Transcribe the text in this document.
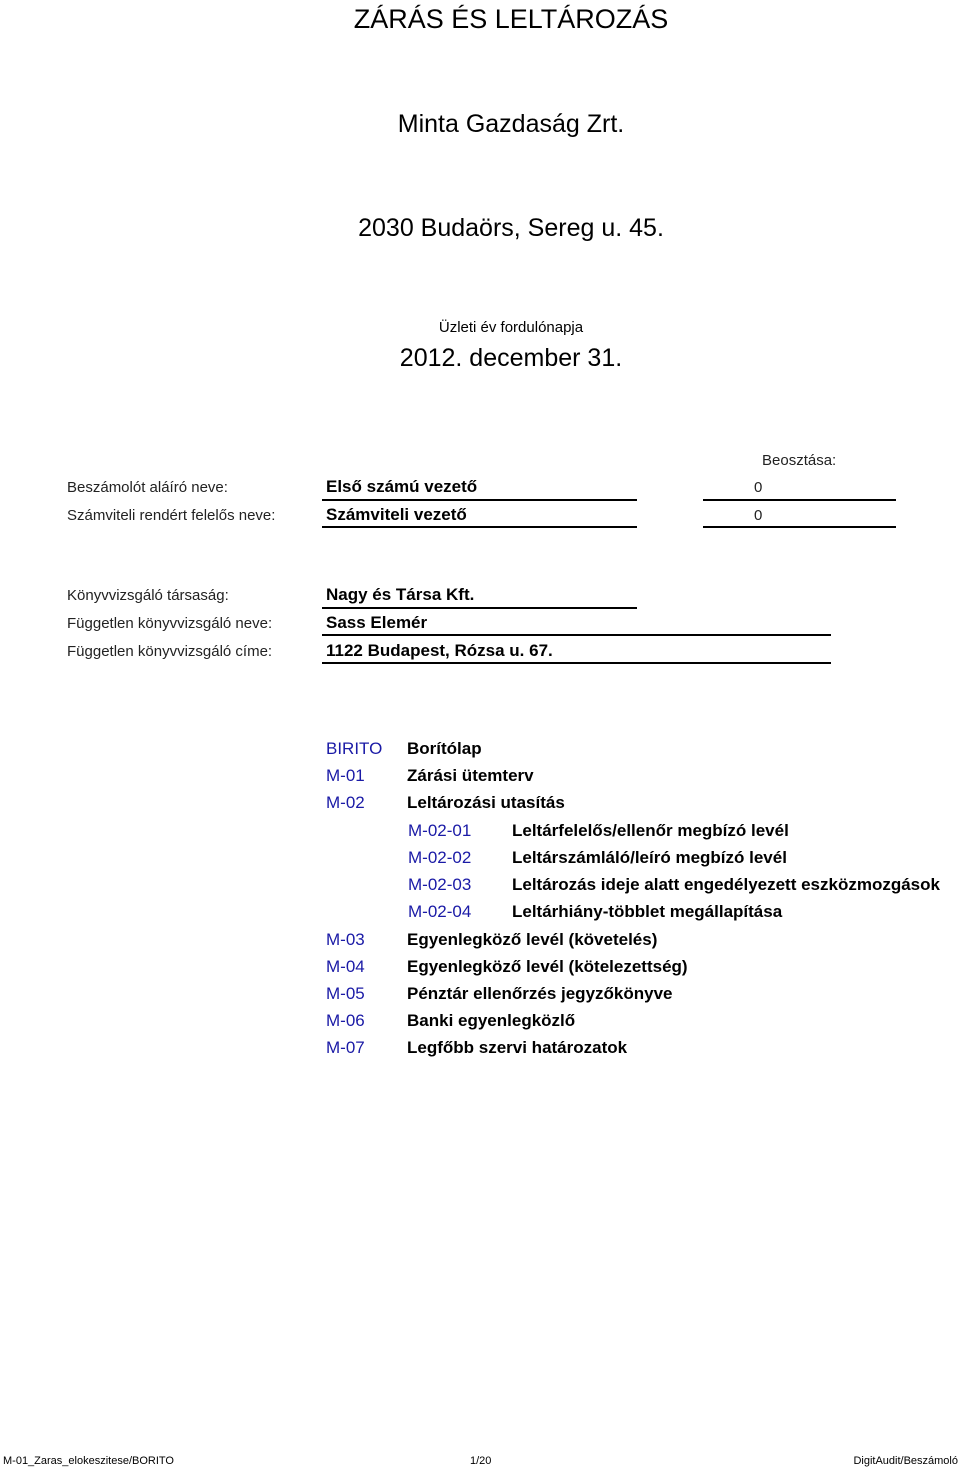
ZÁRÁS ÉS LELTÁROZÁS
Minta Gazdaság Zrt.
2030 Budaörs, Sereg u. 45.
Üzleti év fordulónapja
2012. december 31.
Beosztása:
Beszámolót aláíró neve:	Első számú vezető	0
Számviteli rendért felelős neve:	Számviteli vezető	0
Könyvvizsgáló társaság:	Nagy és Társa Kft.
Független könyvvizsgáló neve:	Sass Elemér
Független könyvvizsgáló címe:	1122 Budapest, Rózsa u. 67.
BIRITO Borítólap
M-01 Zárási ütemterv
M-02 Leltározási utasítás
M-02-01 Leltárfelelős/ellenőr megbízó levél
M-02-02 Leltárszámláló/leíró megbízó levél
M-02-03 Leltározás ideje alatt engedélyezett eszközmozgások
M-02-04 Leltárhiány-többlet megállapítása
M-03 Egyenlegköző levél (követelés)
M-04 Egyenlegköző levél (kötelezettség)
M-05 Pénztár ellenőrzés jegyzőkönyve
M-06 Banki egyenlegközlő
M-07 Legfőbb szervi határozatok
M-01_Zaras_elokeszitese/BORITO	1/20	DigitAudit/Beszámoló
